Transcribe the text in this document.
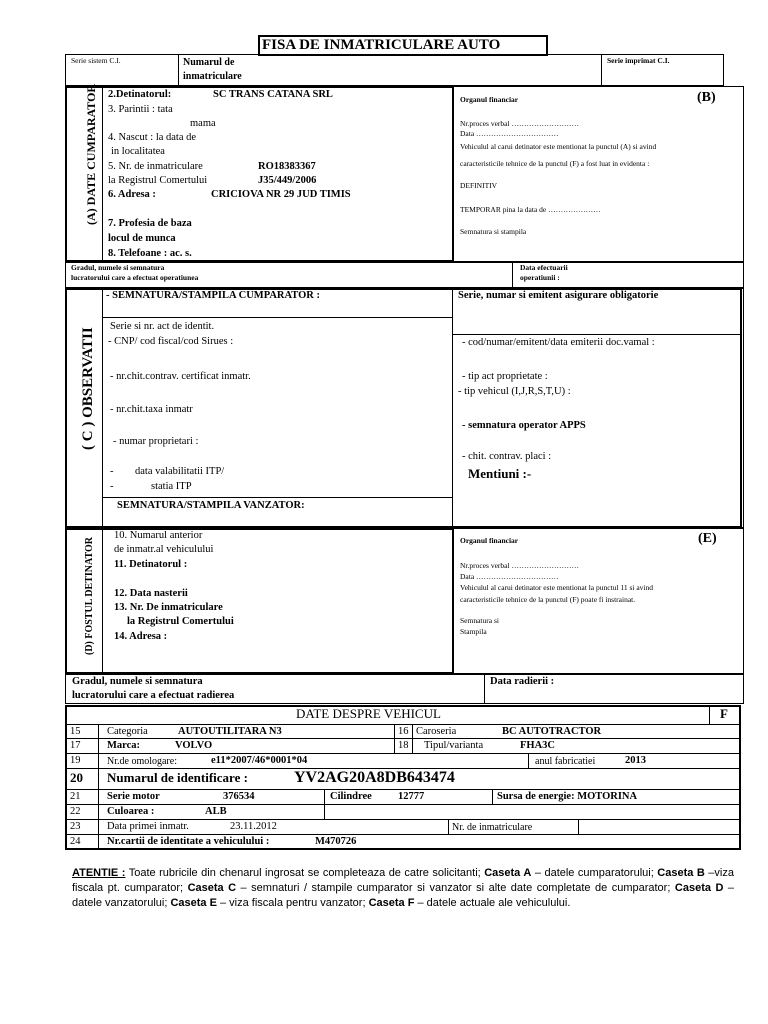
FISA DE INMATRICULARE AUTO
Serie sistem C.I.	Numarul de
inmatriculare
Serie imprimat C.I.
(A) DATE CUMPARATOR 2.Detinatorul:	SC TRANS CATANA SRL
3. Parintii : tata
mama
4. Nascut : la data de
in localitatea
5. Nr. de inmatriculare	RO18383367
la Registrul Comertului	J35/449/2006
6. Adresa :	CRICIOVA NR 29 JUD TIMIS
7. Profesia de baza
locul de munca
8. Telefoane : ac. s.
Organul financiar	(B)
Nr.proces verbal ………………………
Data ……………………………
Vehiculul al carui detinator este mentionat la punctul (A) si avind
caracteristicile tehnice de la punctul (F) a fost luat in evidenta :
DEFINITIV
TEMPORAR pina la data de …………………
Semnatura si stampila
Gradul, numele si semnatura
lucratorului care a efectuat operatiunea
Data efectuarii
operatiunii :
( C ) OBSERVATII
- SEMNATURA/STAMPILA CUMPARATOR :	Serie, numar si emitent asigurare obligatorie
Serie si nr. act de identit.
- CNP/ cod fiscal/cod Sirues :	- cod/numar/emitent/data emiterii doc.vamal :
- nr.chit.contrav. certificat inmatr.	- tip act proprietate :
- tip vehicul (I,J,R,S,T,U) :
- nr.chit.taxa inmatr
- semnatura operator APPS
- numar proprietari :
- chit. contrav. placi :
Mentiuni :-
- data valabilitatii ITP/
-	statia ITP
SEMNATURA/STAMPILA VANZATOR:
(D) FOSTUL DETINATOR
10. Numarul anterior
de inmatr.al vehiculului
11. Detinatorul :
12. Data nasterii
13. Nr. De inmatriculare
la Registrul Comertului
14. Adresa :
Organul financiar	(E)
Nr.proces verbal ………………………
Data ……………………………
Vehiculul al carui detinator este mentionat la punctul 11 si avind
caracteristicile tehnice de la punctul (F) poate fi instrainat.
Semnatura si
Stampila
Gradul, numele si semnatura
lucratorului care a efectuat radierea
Data radierii :
DATE DESPRE VEHICUL	F
15	Categoria	AUTOUTILITARA N3	16 Caroseria	BC AUTOTRACTOR
17	Marca:	VOLVO	18 Tipul/varianta	FHA3C
19	Nr.de omologare:	e11*2007/46*0001*04	anul fabricatiei	2013
20 Numarul de identificare :	YV2AG20A8DB643474
21	Serie motor	376534	Cilindree 12777	Sursa de energie: MOTORINA
22	Culoarea :	ALB
23	Data primei inmatr.	23.11.2012	Nr. de inmatriculare
24	Nr.cartii de identitate a vehiculului :	M470726
ATENTIE : Toate rubricile din chenarul ingrosat se completeaza de catre solicitanti; Caseta A – datele cumparatorului; Caseta B –viza fiscala pt. cumparator; Caseta C – semnaturi / stampile cumparator si vanzator si alte date completate de cumparator; Caseta D – datele vanzatorului; Caseta E – viza fiscala pentru vanzator; Caseta F – datele actuale ale vehiculului.
